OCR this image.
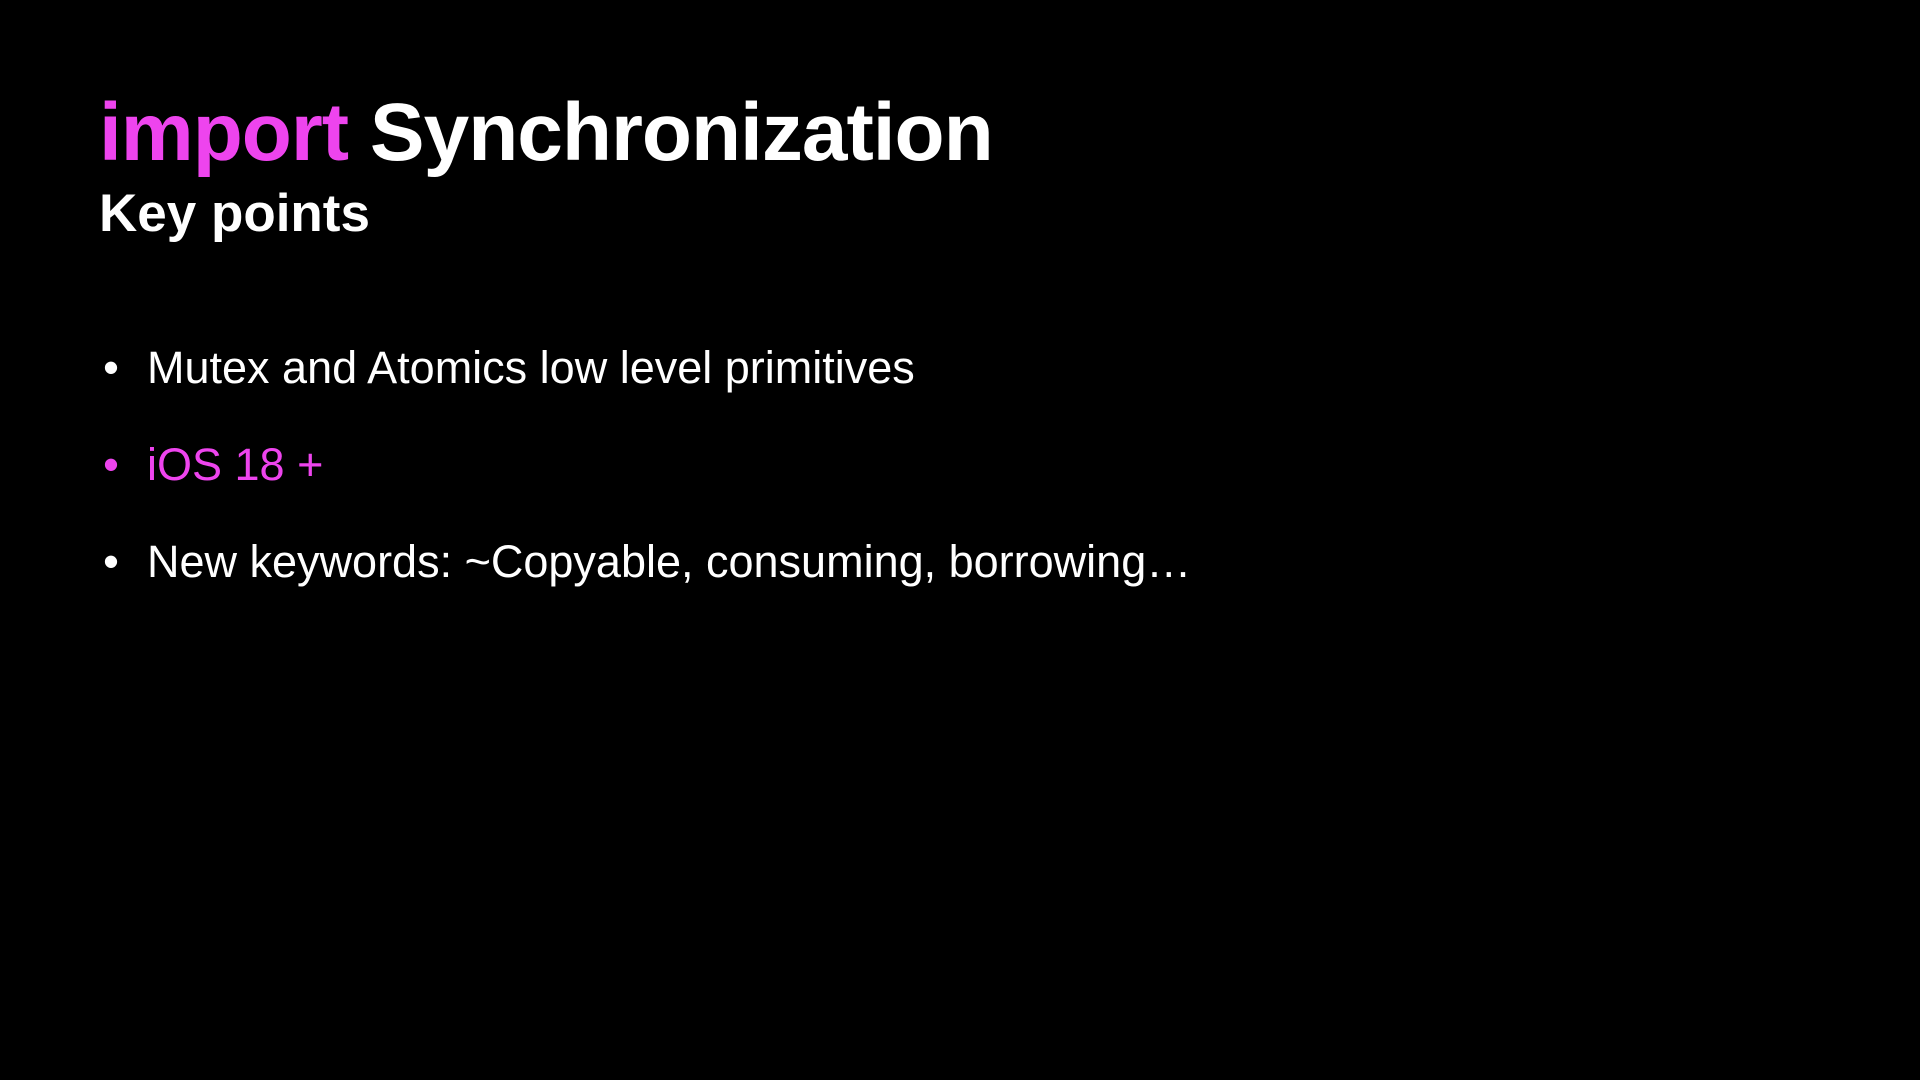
import Synchronization
Key points
• Mutex and Atomics low level primitives
• iOS 18 +
• New keywords: ~Copyable, consuming, borrowing…
